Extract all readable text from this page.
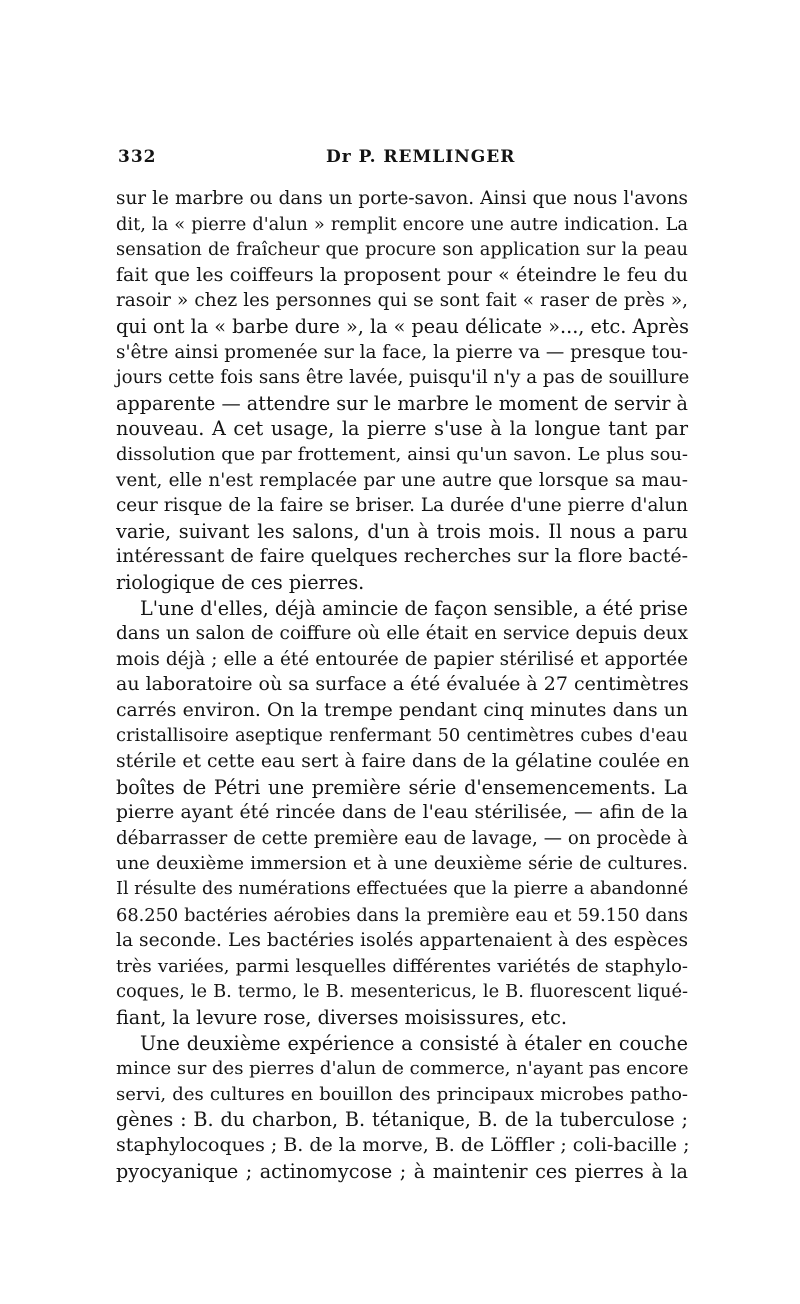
332	Dr P. REMLINGER

sur le marbre ou dans un porte-savon. Ainsi que nous l'avons
dit, la « pierre d'alun » remplit encore une autre indication. La
sensation de fraîcheur que procure son application sur la peau
fait que les coiffeurs la proposent pour « éteindre le feu du
rasoir » chez les personnes qui se sont fait « raser de près »,
qui ont la « barbe dure », la « peau délicate »..., etc. Après
s'être ainsi promenée sur la face, la pierre va — presque tou-
jours cette fois sans être lavée, puisqu'il n'y a pas de souillure
apparente — attendre sur le marbre le moment de servir à
nouveau. A cet usage, la pierre s'use à la longue tant par
dissolution que par frottement, ainsi qu'un savon. Le plus sou-
vent, elle n'est remplacée par une autre que lorsque sa mau-
ceur risque de la faire se briser. La durée d'une pierre d'alun
varie, suivant les salons, d'un à trois mois. Il nous a paru
intéressant de faire quelques recherches sur la flore bacté-
riologique de ces pierres.

L'une d'elles, déjà amincie de façon sensible, a été prise
dans un salon de coiffure où elle était en service depuis deux
mois déjà ; elle a été entourée de papier stérilisé et apportée
au laboratoire où sa surface a été évaluée à 27 centimètres
carrés environ. On la trempe pendant cinq minutes dans un
cristallisoire aseptique renfermant 50 centimètres cubes d'eau
stérile et cette eau sert à faire dans de la gélatine coulée en
boîtes de Pétri une première série d'ensemencements. La
pierre ayant été rincée dans de l'eau stérilisée, — afin de la
débarrasser de cette première eau de lavage, — on procède à
une deuxième immersion et à une deuxième série de cultures.
Il résulte des numérations effectuées que la pierre a abandonné
68.250 bactéries aérobies dans la première eau et 59.150 dans
la seconde. Les bactéries isolés appartenaient à des espèces
très variées, parmi lesquelles différentes variétés de staphylo-
coques, le B. termo, le B. mesentericus, le B. fluorescent liqué-
fiant, la levure rose, diverses moisissures, etc.

Une deuxième expérience a consisté à étaler en couche
mince sur des pierres d'alun de commerce, n'ayant pas encore
servi, des cultures en bouillon des principaux microbes patho-
gènes : B. du charbon, B. tétanique, B. de la tuberculose ;
staphylocoques ; B. de la morve, B. de Löffler ; coli-bacille ;
pyocyanique ; actinomycose ; à maintenir ces pierres à la
